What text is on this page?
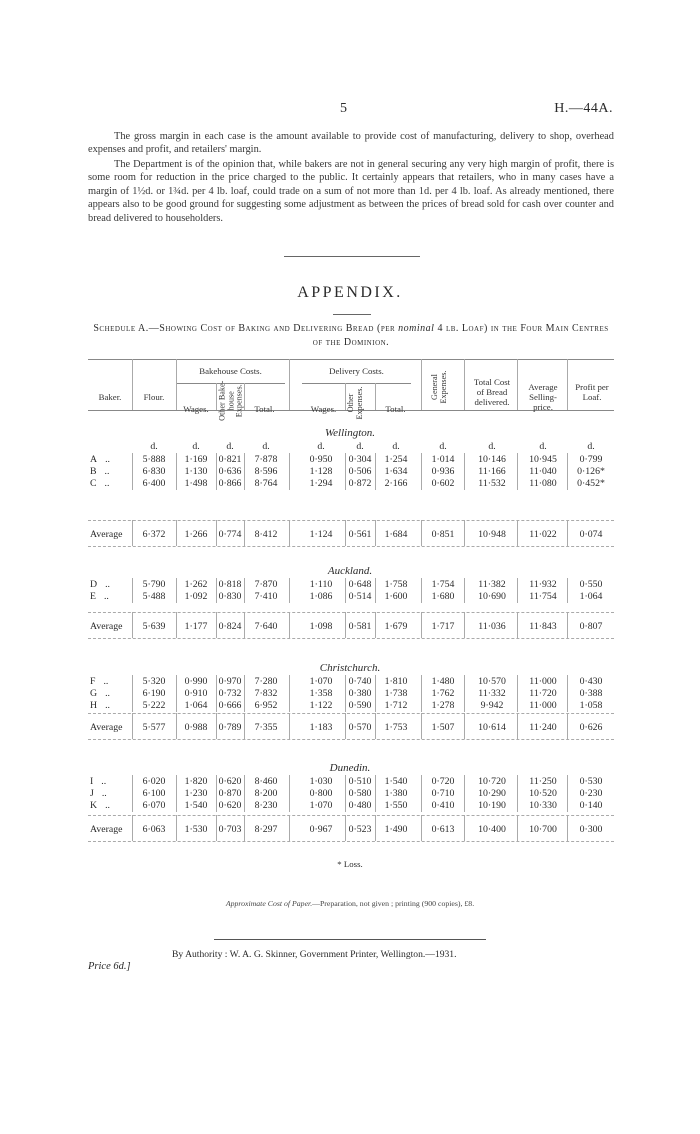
5	H.—44A.
The gross margin in each case is the amount available to provide cost of manufacturing, delivery to shop, overhead expenses and profit, and retailers' margin.
The Department is of the opinion that, while bakers are not in general securing any very high margin of profit, there is some room for reduction in the price charged to the public. It certainly appears that retailers, who in many cases have a margin of 1½d. or 1¾d. per 4 lb. loaf, could trade on a sum of not more than 1d. per 4 lb. loaf. As already mentioned, there appears also to be good ground for suggesting some adjustment as between the prices of bread sold for cash over counter and bread delivered to householders.
APPENDIX.
Schedule A.—Showing Cost of Baking and Delivering Bread (per nominal 4 lb. Loaf) in the Four Main Centres of the Dominion.
Bakehouse Costs.	Delivery Costs.
Baker.	Flour.
Wages.	Other Bake-house Expenses.	Total.	Wages.	Other Expenses.	Total.
General Expenses.	Total Cost of Bread delivered.
Average Selling-price.
Profit per Loaf.
d.	d.	d.	d.	d.	d.	d.	d.	d.	d.	d.
Wellington.
A ..	5·888	1·169	0·821	7·878	0·950	0·304	1·254	1·014	10·146	10·945	0·799
B ..	6·830	1·130	0·636	8·596	1·128	0·506	1·634	0·936	11·166	11·040	0·126*
C ..	6·400	1·498	0·866	8·764	1·294	0·872	2·166	0·602	11·532	11·080	0·452*
Average	6·372	1·266	0·774	8·412	1·124	0·561	1·684	0·851	10·948	11·022	0·074
Auckland.
D ..	5·790	1·262	0·818	7·870	1·110	0·648	1·758	1·754	11·382	11·932	0·550
E ..	5·488	1·092	0·830	7·410	1·086	0·514	1·600	1·680	10·690	11·754	1·064
Average	5·639	1·177	0·824	7·640	1·098	0·581	1·679	1·717	11·036	11·843	0·807
Christchurch.
F ..	5·320	0·990	0·970	7·280	1·070	0·740	1·810	1·480	10·570	11·000	0·430
G ..	6·190	0·910	0·732	7·832	1·358	0·380	1·738	1·762	11·332	11·720	0·388
H ..	5·222	1·064	0·666	6·952	1·122	0·590	1·712	1·278	9·942	11·000	1·058
Average	5·577	0·988	0·789	7·355	1·183	0·570	1·753	1·507	10·614	11·240	0·626
Dunedin.
I ..	6·020	1·820	0·620	8·460	1·030	0·510	1·540	0·720	10·720	11·250	0·530
J ..	6·100	1·230	0·870	8·200	0·800	0·580	1·380	0·710	10·290	10·520	0·230
K ..	6·070	1·540	0·620	8·230	1·070	0·480	1·550	0·410	10·190	10·330	0·140
Average	6·063	1·530	0·703	8·297	0·967	0·523	1·490	0·613	10·400	10·700	0·300
* Loss.
Approximate Cost of Paper.—Preparation, not given ; printing (900 copies), £8.
By Authority : W. A. G. Skinner, Government Printer, Wellington.—1931.
Price 6d.]
